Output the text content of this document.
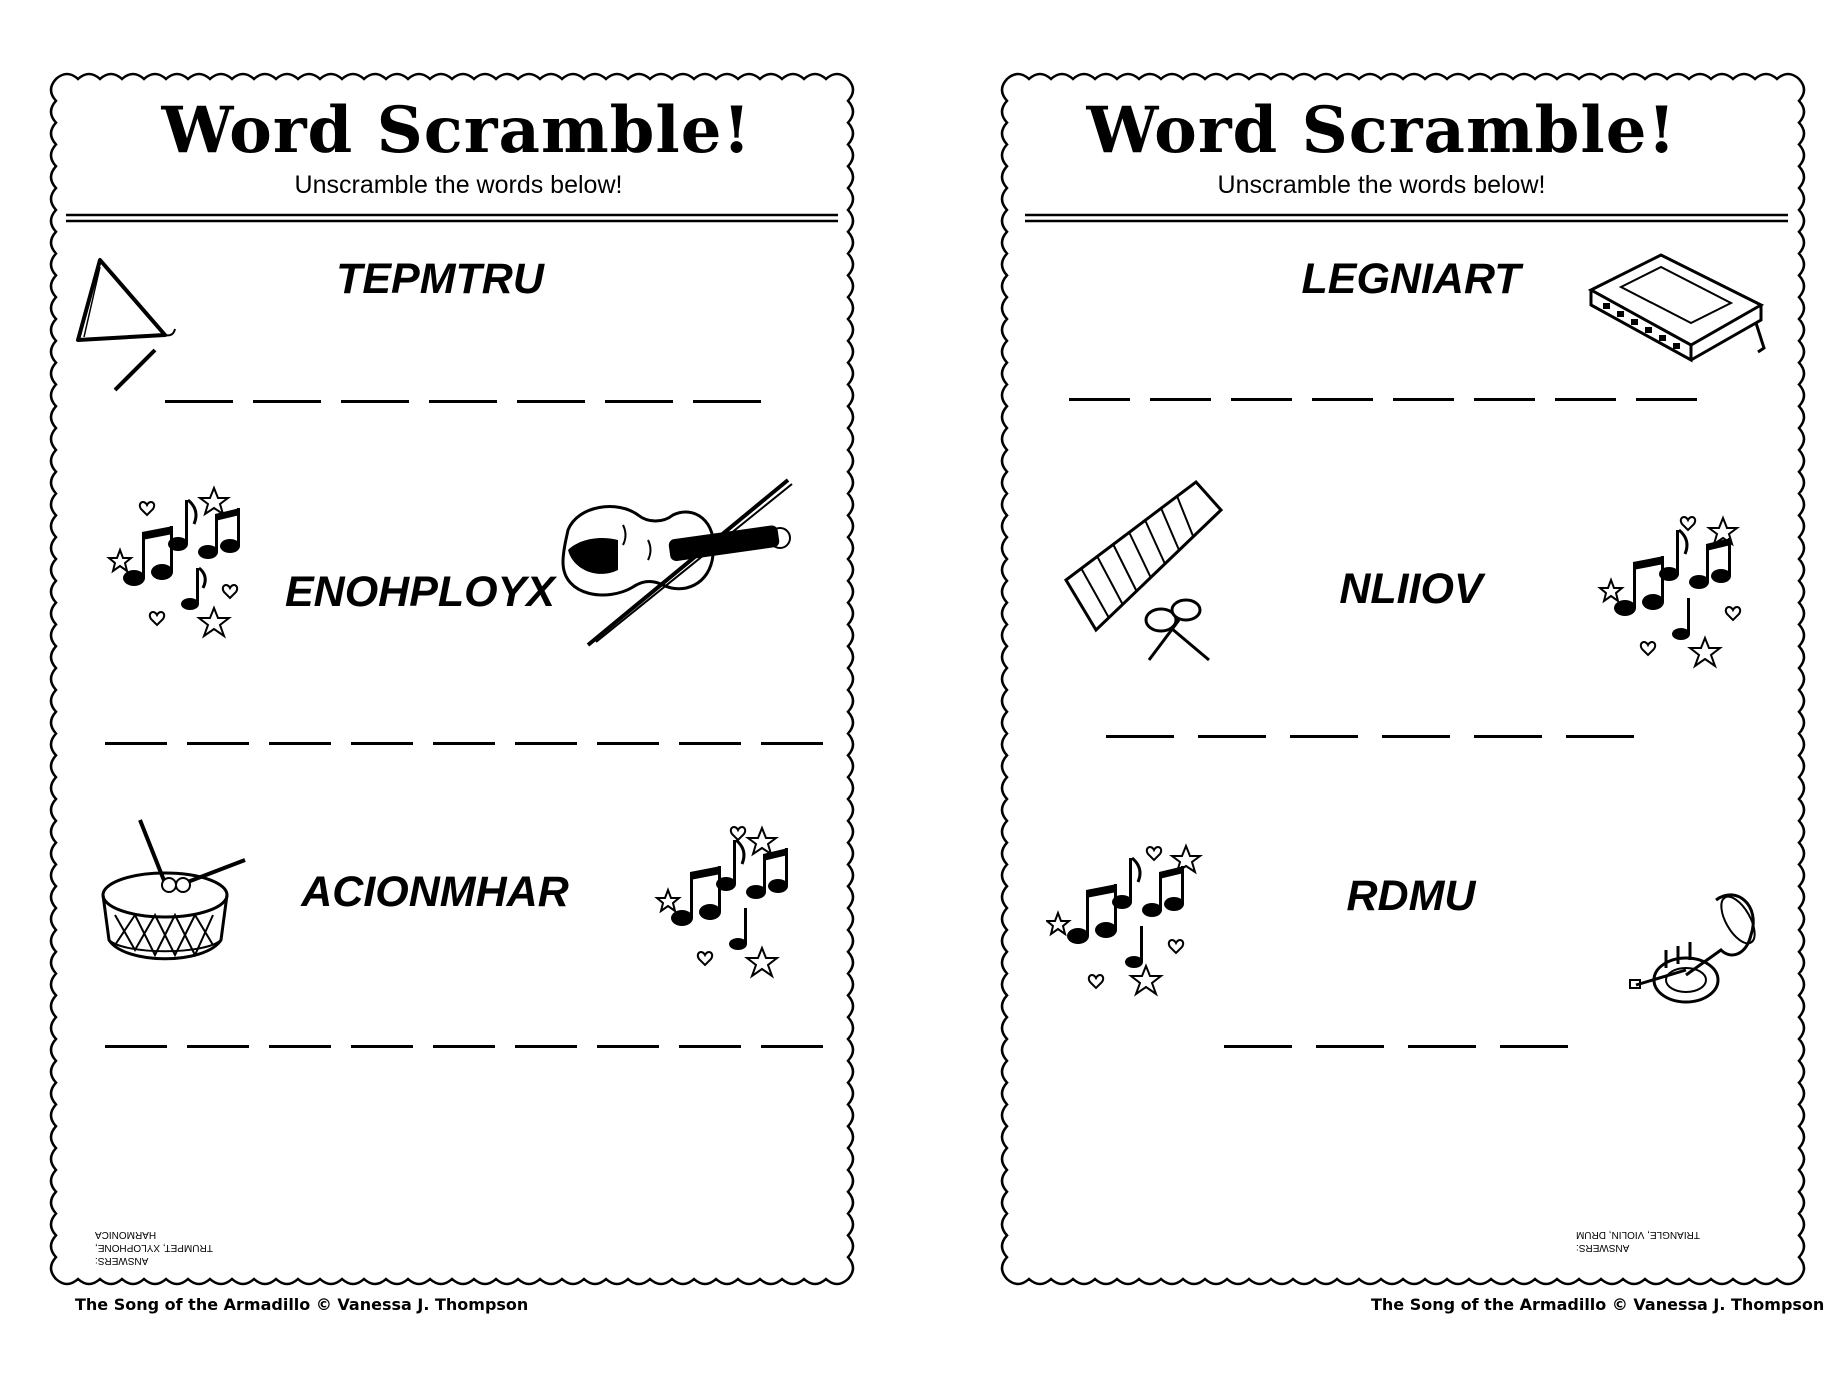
Word Scramble!
Unscramble the words below!
TEPMTRU
ENOHPLOYX
ACIONMHAR
ANSWERS:
TRUMPET, XYLOPHONE, HARMONICA
The Song of the Armadillo © Vanessa J. Thompson
Word Scramble!
Unscramble the words below!
LEGNIART
NLIIOV
RDMU
ANSWERS:
TRIANGLE, VIOLIN, DRUM
The Song of the Armadillo © Vanessa J. Thompson
